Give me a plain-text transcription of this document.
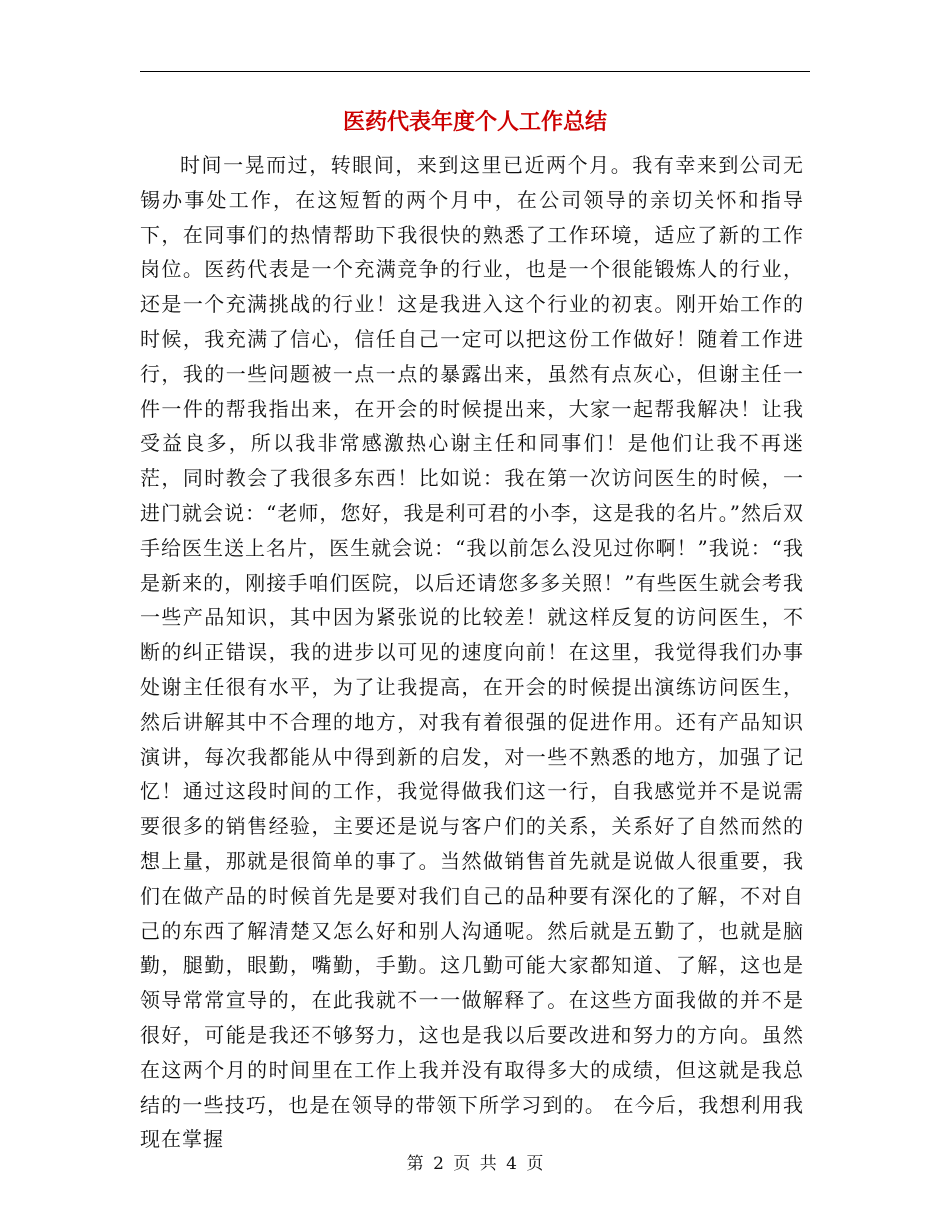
医药代表年度个人工作总结

时间一晃而过，转眼间，来到这里已近两个月。我有幸来到公司无锡办事处工作，在这短暂的两个月中，在公司领导的亲切关怀和指导下，在同事们的热情帮助下我很快的熟悉了工作环境，适应了新的工作岗位。医药代表是一个充满竞争的行业，也是一个很能锻炼人的行业，还是一个充满挑战的行业！这是我进入这个行业的初衷。刚开始工作的时候，我充满了信心，信任自己一定可以把这份工作做好！随着工作进行，我的一些问题被一点一点的暴露出来，虽然有点灰心，但谢主任一件一件的帮我指出来，在开会的时候提出来，大家一起帮我解决！让我受益良多，所以我非常感激热心谢主任和同事们！是他们让我不再迷茫，同时教会了我很多东西！比如说：我在第一次访问医生的时候，一进门就会说：“老师，您好，我是利可君的小李，这是我的名片。”然后双手给医生送上名片，医生就会说：“我以前怎么没见过你啊！”我说：“我是新来的，刚接手咱们医院，以后还请您多多关照！”有些医生就会考我一些产品知识，其中因为紧张说的比较差！就这样反复的访问医生，不断的纠正错误，我的进步以可见的速度向前！在这里，我觉得我们办事处谢主任很有水平，为了让我提高，在开会的时候提出演练访问医生，然后讲解其中不合理的地方，对我有着很强的促进作用。还有产品知识演讲，每次我都能从中得到新的启发，对一些不熟悉的地方，加强了记忆！通过这段时间的工作，我觉得做我们这一行，自我感觉并不是说需要很多的销售经验，主要还是说与客户们的关系，关系好了自然而然的想上量，那就是很简单的事了。当然做销售首先就是说做人很重要，我们在做产品的时候首先是要对我们自己的品种要有深化的了解，不对自己的东西了解清楚又怎么好和别人沟通呢。然后就是五勤了，也就是脑勤，腿勤，眼勤，嘴勤，手勤。这几勤可能大家都知道、了解，这也是领导常常宣导的，在此我就不一一做解释了。在这些方面我做的并不是很好，可能是我还不够努力，这也是我以后要改进和努力的方向。虽然在这两个月的时间里在工作上我并没有取得多大的成绩，但这就是我总结的一些技巧，也是在领导的带领下所学习到的。 在今后，我想利用我现在掌握

第 2 页 共 4 页
